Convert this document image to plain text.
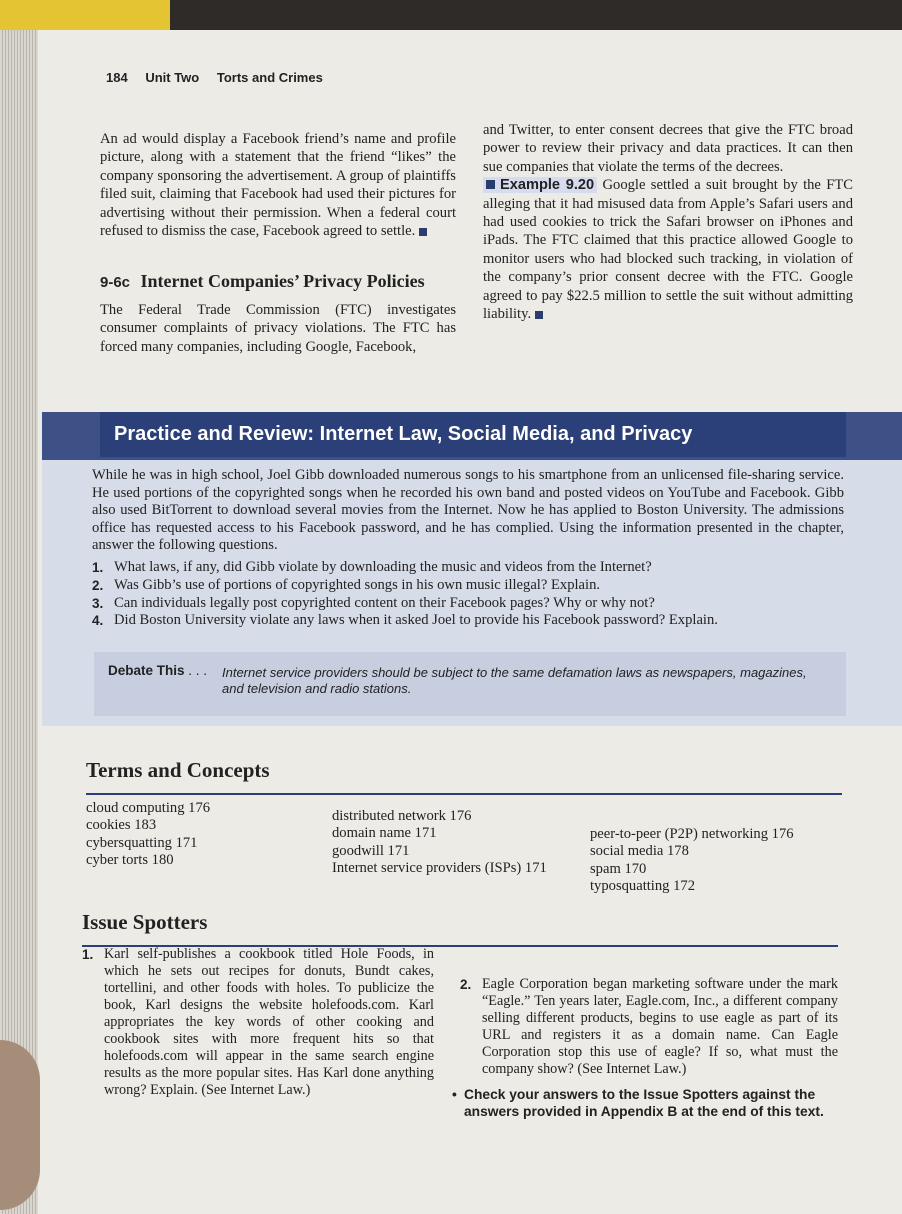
184 Unit Two Torts and Crimes

An ad would display a Facebook friend’s name and profile picture, along with a statement that the friend “likes” the company sponsoring the advertisement. A group of plaintiffs filed suit, claiming that Facebook had used their pictures for advertising without their permission. When a federal court refused to dismiss the case, Facebook agreed to settle.

9-6c Internet Companies’ Privacy Policies

The Federal Trade Commission (FTC) investigates consumer complaints of privacy violations. The FTC has forced many companies, including Google, Facebook,

and Twitter, to enter consent decrees that give the FTC broad power to review their privacy and data practices. It can then sue companies that violate the terms of the decrees.

Example 9.20 Google settled a suit brought by the FTC alleging that it had misused data from Apple’s Safari users and had used cookies to trick the Safari browser on iPhones and iPads. The FTC claimed that this practice allowed Google to monitor users who had blocked such tracking, in violation of the company’s prior consent decree with the FTC. Google agreed to pay $22.5 million to settle the suit without admitting liability.

Practice and Review: Internet Law, Social Media, and Privacy

While he was in high school, Joel Gibb downloaded numerous songs to his smartphone from an unlicensed file-sharing service. He used portions of the copyrighted songs when he recorded his own band and posted videos on YouTube and Facebook. Gibb also used BitTorrent to download several movies from the Internet. Now he has applied to Boston University. The admissions office has requested access to his Facebook password, and he has complied. Using the information presented in the chapter, answer the following questions.

1. What laws, if any, did Gibb violate by downloading the music and videos from the Internet?
2. Was Gibb’s use of portions of copyrighted songs in his own music illegal? Explain.
3. Can individuals legally post copyrighted content on their Facebook pages? Why or why not?
4. Did Boston University violate any laws when it asked Joel to provide his Facebook password? Explain.
Debate This . . . Internet service providers should be subject to the same defamation laws as newspapers, magazines, and television and radio stations.
Terms and Concepts
cloud computing 176
cookies 183
cybersquatting 171
cyber torts 180
distributed network 176
domain name 171
goodwill 171
Internet service providers (ISPs) 171
peer-to-peer (P2P) networking 176
social media 178
spam 170
typosquatting 172
Issue Spotters
1. Karl self-publishes a cookbook titled Hole Foods, in which he sets out recipes for donuts, Bundt cakes, tortellini, and other foods with holes. To publicize the book, Karl designs the website holefoods.com. Karl appropriates the key words of other cooking and cookbook sites with more frequent hits so that holefoods.com will appear in the same search engine results as the more popular sites. Has Karl done anything wrong? Explain. (See Internet Law.)
2. Eagle Corporation began marketing software under the mark “Eagle.” Ten years later, Eagle.com, Inc., a different company selling different products, begins to use eagle as part of its URL and registers it as a domain name. Can Eagle Corporation stop this use of eagle? If so, what must the company show? (See Internet Law.)
• Check your answers to the Issue Spotters against the answers provided in Appendix B at the end of this text.
